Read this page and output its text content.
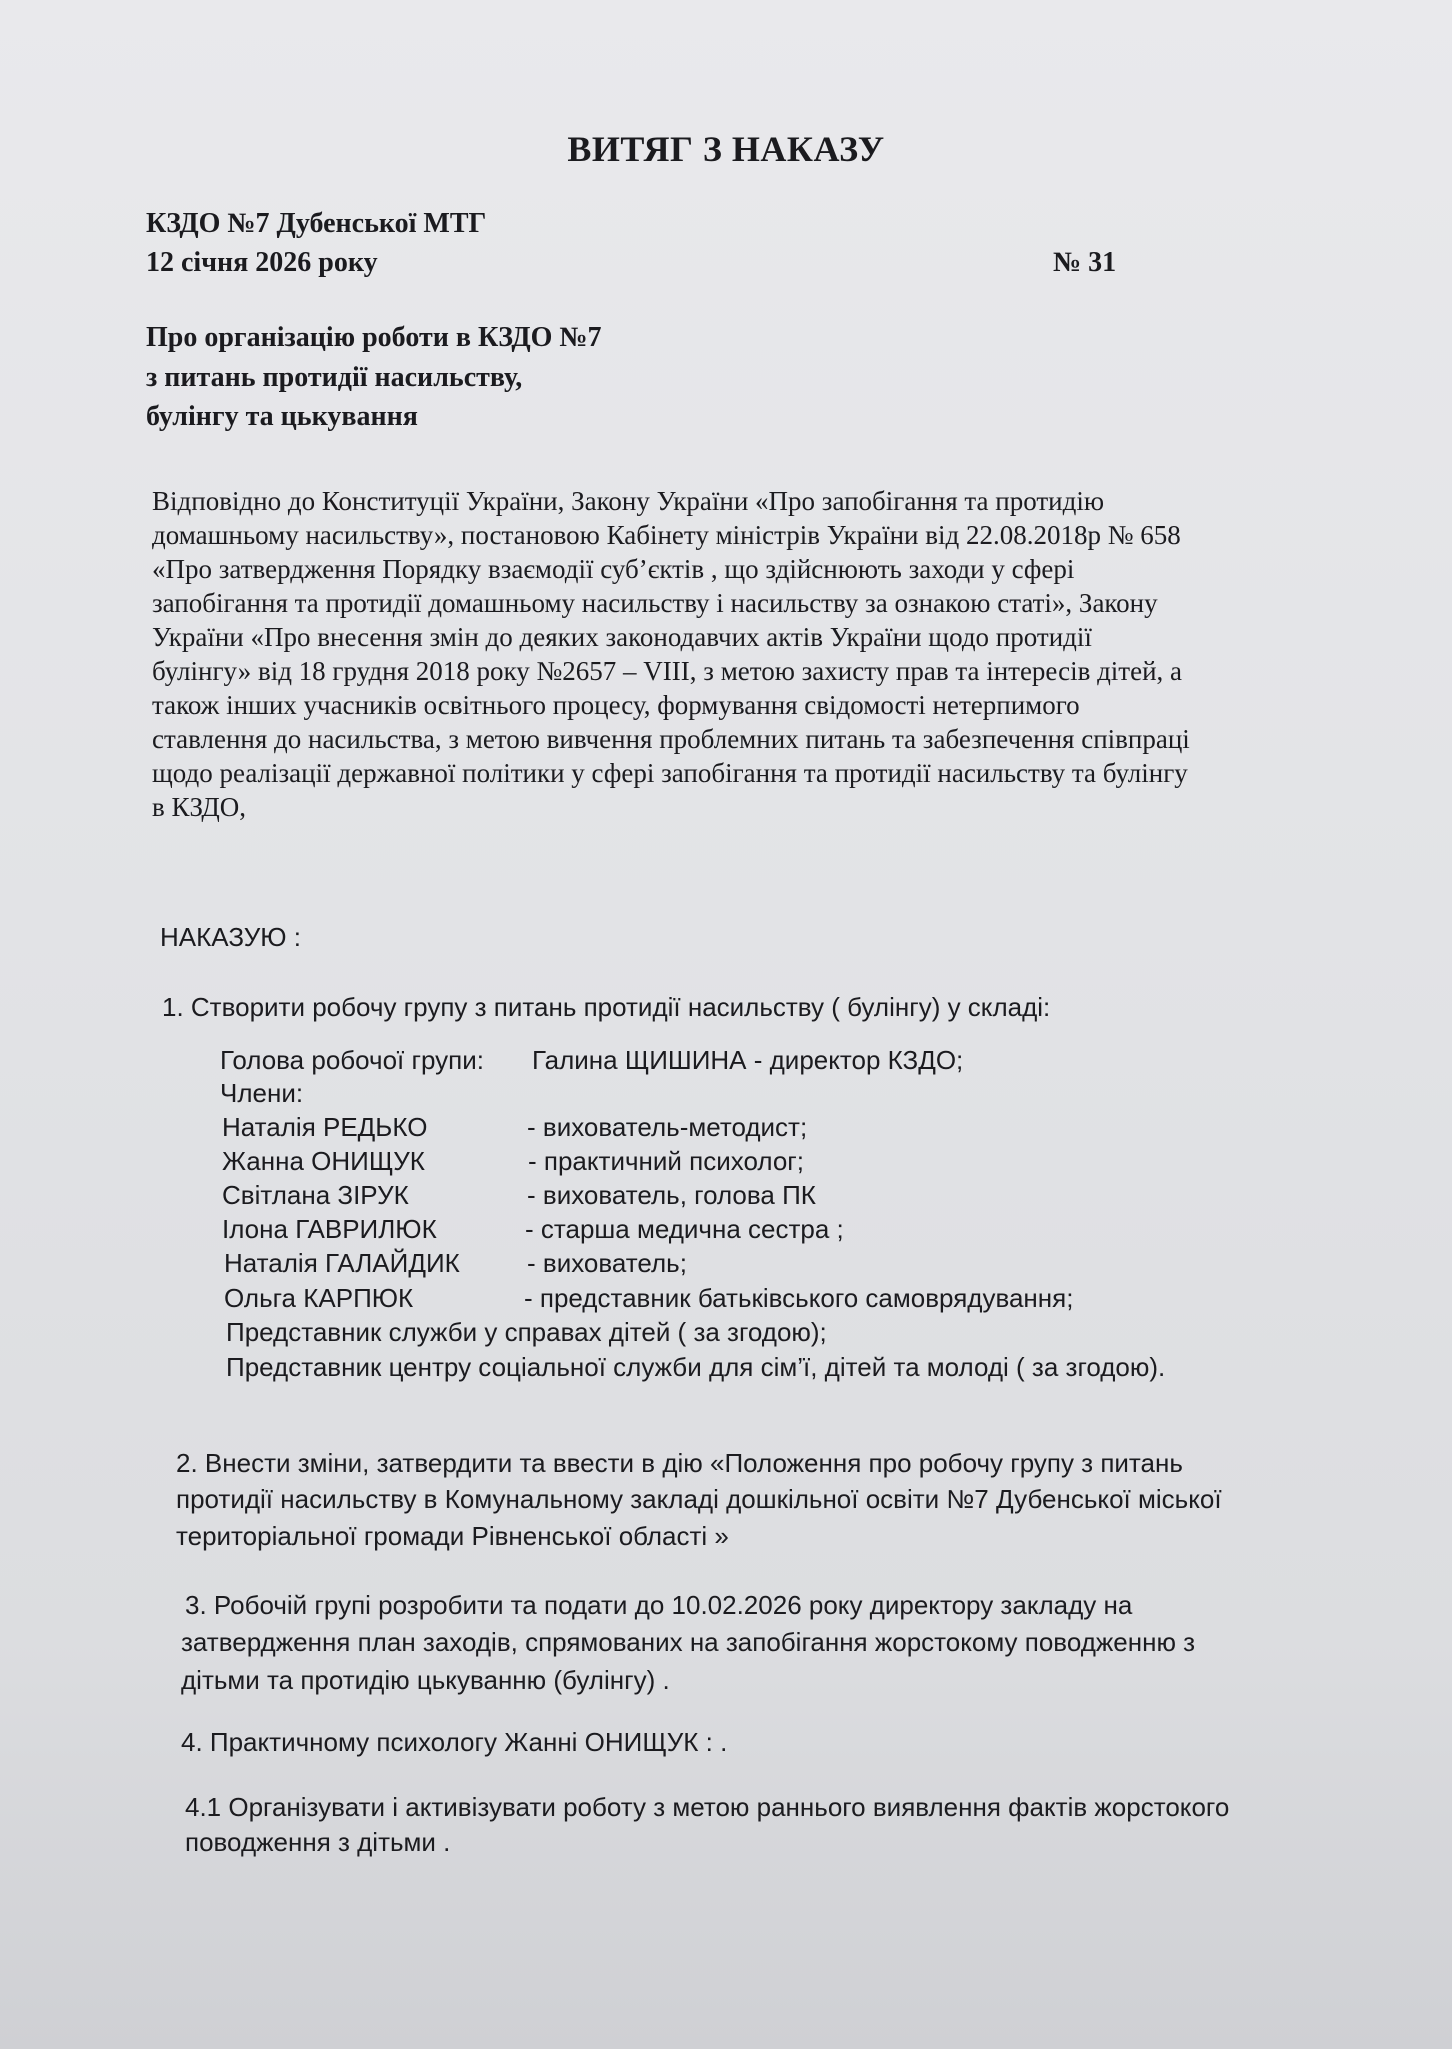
ВИТЯГ З НАКАЗУ
КЗДО №7 Дубенської МТГ
12 січня 2026 року	№ 31
Про організацію роботи в КЗДО №7
з питань протидії насильству,
булінгу та цькування
Відповідно до Конституції України, Закону України «Про запобігання та протидію
домашньому насильству», постановою Кабінету міністрів України від 22.08.2018р № 658
«Про затвердження Порядку взаємодії суб’єктів , що здійснюють заходи у сфері
запобігання та протидії домашньому насильству і насильству за ознакою статі», Закону
України «Про внесення змін до деяких законодавчих актів України щодо протидії
булінгу» від 18 грудня 2018 року №2657 – VIII, з метою захисту прав та інтересів дітей, а
також інших учасників освітнього процесу, формування свідомості нетерпимого
ставлення до насильства, з метою вивчення проблемних питань та забезпечення співпраці
щодо реалізації державної політики у сфері запобігання та протидії насильству та булінгу
в КЗДО,
НАКАЗУЮ :
1. Створити робочу групу з питань протидії насильству ( булінгу) у складі:
Голова робочої групи: Галина ЩИШИНА - директор КЗДО;
Члени:
Наталія РЕДЬКО	- вихователь-методист;
Жанна ОНИЩУК	- практичний психолог;
Світлана ЗІРУК	- вихователь, голова ПК
Ілона ГАВРИЛЮК	- старша медична сестра ;
Наталія ГАЛАЙДИК	- вихователь;
Ольга КАРПЮК	- представник батьківського самоврядування;
Представник служби у справах дітей ( за згодою);
Представник центру соціальної служби для сім’ї, дітей та молоді ( за згодою).
2. Внести зміни, затвердити та ввести в дію «Положення про робочу групу з питань
протидії насильству в Комунальному закладі дошкільної освіти №7 Дубенської міської
територіальної громади Рівненської області »
3. Робочій групі розробити та подати до 10.02.2026 року директору закладу на
затвердження план заходів, спрямованих на запобігання жорстокому поводженню з
дітьми та протидію цькуванню (булінгу) .
4. Практичному психологу Жанні ОНИЩУК : .
4.1 Організувати і активізувати роботу з метою раннього виявлення фактів жорстокого
поводження з дітьми .
